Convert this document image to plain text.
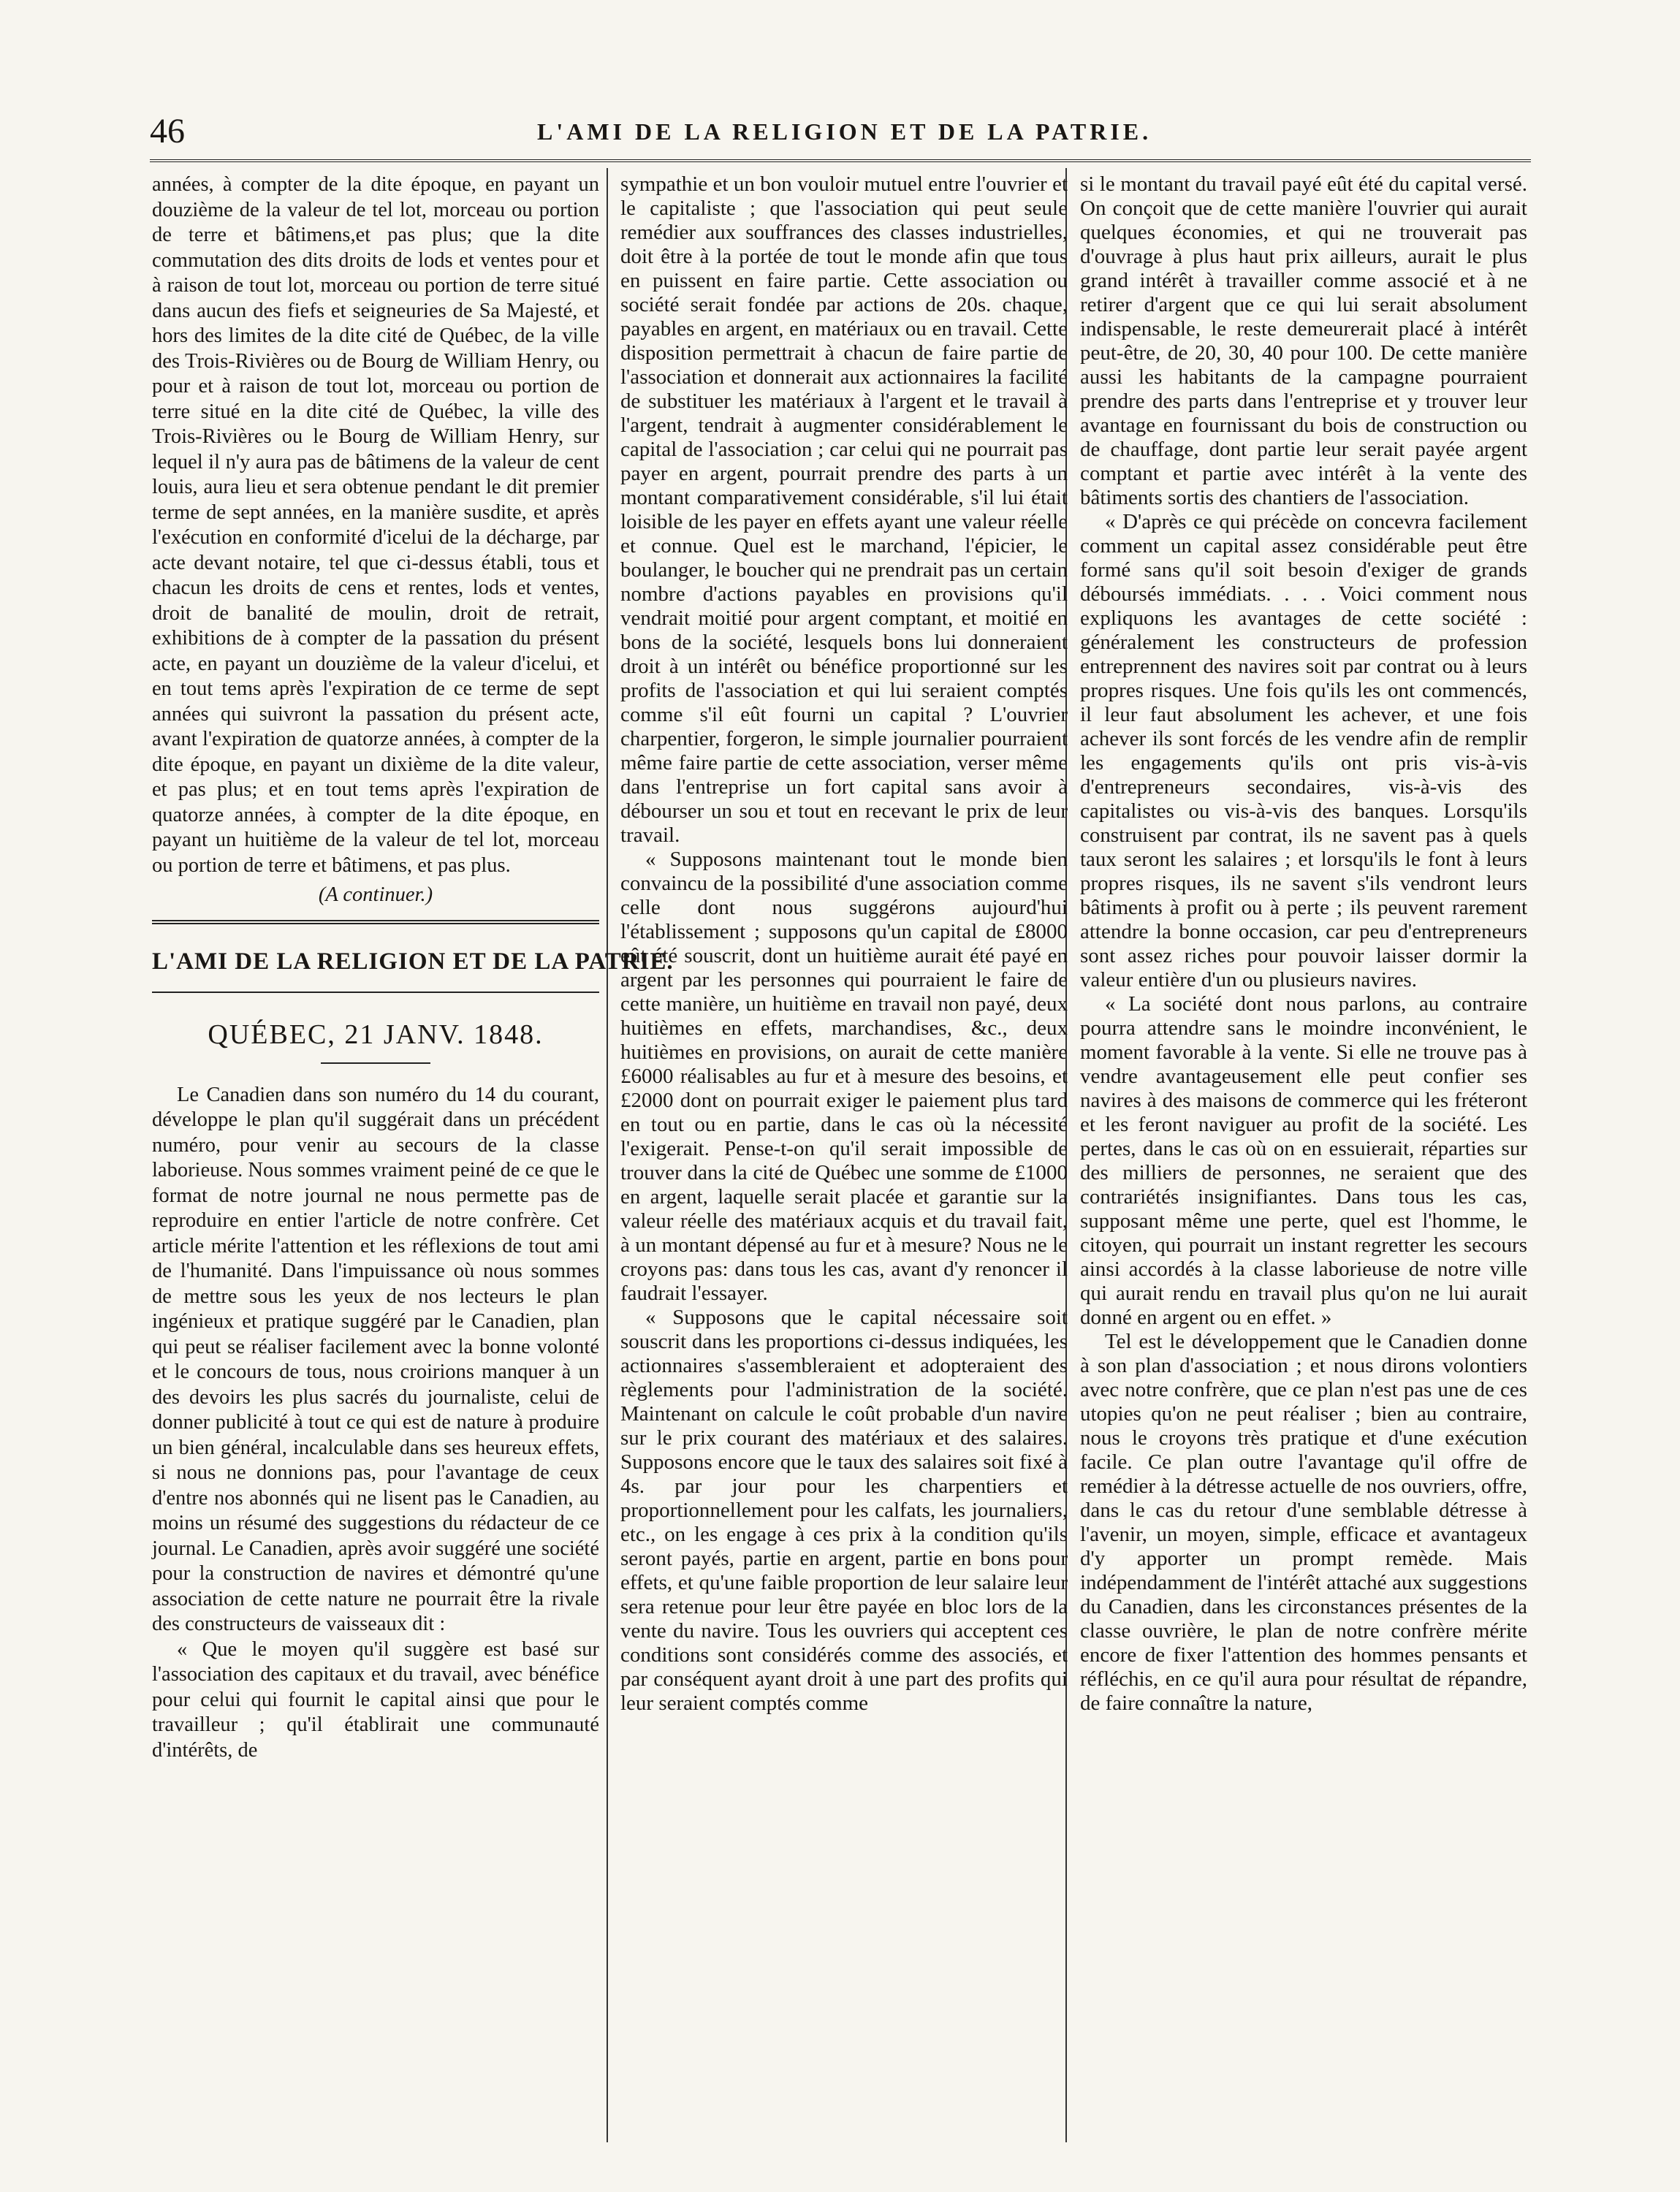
46	L'AMI DE LA RELIGION ET DE LA PATRIE.

années, à compter de la dite époque, en payant un douzième de la valeur de tel lot, morceau ou portion de terre et bâtimens,et pas plus; que la dite commutation des dits droits de lods et ventes pour et à raison de tout lot, morceau ou portion de terre situé dans aucun des fiefs et seigneuries de Sa Majesté, et hors des limites de la dite cité de Québec, de la ville des Trois-Rivières ou de Bourg de William Henry, ou pour et à raison de tout lot, morceau ou portion de terre situé en la dite cité de Québec, la ville des Trois-Rivières ou le Bourg de William Henry, sur lequel il n'y aura pas de bâtimens de la valeur de cent louis, aura lieu et sera obtenue pendant le dit premier terme de sept années, en la manière susdite, et après l'exécution en conformité d'icelui de la décharge, par acte devant notaire, tel que ci-dessus établi, tous et chacun les droits de cens et rentes, lods et ventes, droit de banalité de moulin, droit de retrait, exhibitions de à compter de la passation du présent acte, en payant un douzième de la valeur d'icelui, et en tout tems après l'expiration de ce terme de sept années qui suivront la passation du présent acte, avant l'expiration de quatorze années, à compter de la dite époque, en payant un dixième de la dite valeur, et pas plus; et en tout tems après l'expiration de quatorze années, à compter de la dite époque, en payant un huitième de la valeur de tel lot, morceau ou portion de terre et bâtimens, et pas plus.

(A continuer.)

L'AMI DE LA RELIGION ET DE LA PATRIE.
QUÉBEC, 21 JANV. 1848.

Le Canadien dans son numéro du 14 du courant, développe le plan qu'il suggérait dans un précédent numéro, pour venir au secours de la classe laborieuse. Nous sommes vraiment peiné de ce que le format de notre journal ne nous permette pas de reproduire en entier l'article de notre confrère. Cet article mérite l'attention et les réflexions de tout ami de l'humanité. Dans l'impuissance où nous sommes de mettre sous les yeux de nos lecteurs le plan ingénieux et pratique suggéré par le Canadien, plan qui peut se réaliser facilement avec la bonne volonté et le concours de tous, nous croirions manquer à un des devoirs les plus sacrés du journaliste, celui de donner publicité à tout ce qui est de nature à produire un bien général, incalculable dans ses heureux effets, si nous ne donnions pas, pour l'avantage de ceux d'entre nos abonnés qui ne lisent pas le Canadien, au moins un résumé des suggestions du rédacteur de ce journal. Le Canadien, après avoir suggéré une société pour la construction de navires et démontré qu'une association de cette nature ne pourrait être la rivale des constructeurs de vaisseaux dit :

« Que le moyen qu'il suggère est basé sur l'association des capitaux et du travail, avec bénéfice pour celui qui fournit le capital ainsi que pour le travailleur ; qu'il établirait une communauté d'intérêts, de

sympathie et un bon vouloir mutuel entre l'ouvrier et le capitaliste ; que l'association qui peut seule remédier aux souffrances des classes industrielles, doit être à la portée de tout le monde afin que tous en puissent en faire partie. Cette association ou société serait fondée par actions de 20s. chaque, payables en argent, en matériaux ou en travail. Cette disposition permettrait à chacun de faire partie de l'association et donnerait aux actionnaires la facilité de substituer les matériaux à l'argent et le travail à l'argent, tendrait à augmenter considérablement le capital de l'association ; car celui qui ne pourrait pas payer en argent, pourrait prendre des parts à un montant comparativement considérable, s'il lui était loisible de les payer en effets ayant une valeur réelle et connue. Quel est le marchand, l'épicier, le boulanger, le boucher qui ne prendrait pas un certain nombre d'actions payables en provisions qu'il vendrait moitié pour argent comptant, et moitié en bons de la société, lesquels bons lui donneraient droit à un intérêt ou bénéfice proportionné sur les profits de l'association et qui lui seraient comptés comme s'il eût fourni un capital ? L'ouvrier charpentier, forgeron, le simple journalier pourraient même faire partie de cette association, verser même dans l'entreprise un fort capital sans avoir à débourser un sou et tout en recevant le prix de leur travail.

« Supposons maintenant tout le monde bien convaincu de la possibilité d'une association comme celle dont nous suggérons aujourd'hui l'établissement ; supposons qu'un capital de £8000 eût été souscrit, dont un huitième aurait été payé en argent par les personnes qui pourraient le faire de cette manière, un huitième en travail non payé, deux huitièmes en effets, marchandises, &c., deux huitièmes en provisions, on aurait de cette manière £6000 réalisables au fur et à mesure des besoins, et £2000 dont on pourrait exiger le paiement plus tard en tout ou en partie, dans le cas où la nécessité l'exigerait. Pense-t-on qu'il serait impossible de trouver dans la cité de Québec une somme de £1000 en argent, laquelle serait placée et garantie sur la valeur réelle des matériaux acquis et du travail fait, à un montant dépensé au fur et à mesure? Nous ne le croyons pas: dans tous les cas, avant d'y renoncer il faudrait l'essayer.

« Supposons que le capital nécessaire soit souscrit dans les proportions ci-dessus indiquées, les actionnaires s'assembleraient et adopteraient des règlements pour l'administration de la société. Maintenant on calcule le coût probable d'un navire sur le prix courant des matériaux et des salaires. Supposons encore que le taux des salaires soit fixé à 4s. par jour pour les charpentiers et proportionnellement pour les calfats, les journaliers, etc., on les engage à ces prix à la condition qu'ils seront payés, partie en argent, partie en bons pour effets, et qu'une faible proportion de leur salaire leur sera retenue pour leur être payée en bloc lors de la vente du navire. Tous les ouvriers qui acceptent ces conditions sont considérés comme des associés, et par conséquent ayant droit à une part des profits qui leur seraient comptés comme

si le montant du travail payé eût été du capital versé. On conçoit que de cette manière l'ouvrier qui aurait quelques économies, et qui ne trouverait pas d'ouvrage à plus haut prix ailleurs, aurait le plus grand intérêt à travailler comme associé et à ne retirer d'argent que ce qui lui serait absolument indispensable, le reste demeurerait placé à intérêt peut-être, de 20, 30, 40 pour 100. De cette manière aussi les habitants de la campagne pourraient prendre des parts dans l'entreprise et y trouver leur avantage en fournissant du bois de construction ou de chauffage, dont partie leur serait payée argent comptant et partie avec intérêt à la vente des bâtiments sortis des chantiers de l'association.

« D'après ce qui précède on concevra facilement comment un capital assez considérable peut être formé sans qu'il soit besoin d'exiger de grands déboursés immédiats. . . . Voici comment nous expliquons les avantages de cette société : généralement les constructeurs de profession entreprennent des navires soit par contrat ou à leurs propres risques. Une fois qu'ils les ont commencés, il leur faut absolument les achever, et une fois achever ils sont forcés de les vendre afin de remplir les engagements qu'ils ont pris vis-à-vis d'entrepreneurs secondaires, vis-à-vis des capitalistes ou vis-à-vis des banques. Lorsqu'ils construisent par contrat, ils ne savent pas à quels taux seront les salaires ; et lorsqu'ils le font à leurs propres risques, ils ne savent s'ils vendront leurs bâtiments à profit ou à perte ; ils peuvent rarement attendre la bonne occasion, car peu d'entrepreneurs sont assez riches pour pouvoir laisser dormir la valeur entière d'un ou plusieurs navires.

« La société dont nous parlons, au contraire pourra attendre sans le moindre inconvénient, le moment favorable à la vente. Si elle ne trouve pas à vendre avantageusement elle peut confier ses navires à des maisons de commerce qui les fréteront et les feront naviguer au profit de la société. Les pertes, dans le cas où on en essuierait, réparties sur des milliers de personnes, ne seraient que des contrariétés insignifiantes. Dans tous les cas, supposant même une perte, quel est l'homme, le citoyen, qui pourrait un instant regretter les secours ainsi accordés à la classe laborieuse de notre ville qui aurait rendu en travail plus qu'on ne lui aurait donné en argent ou en effet. »

Tel est le développement que le Canadien donne à son plan d'association ; et nous dirons volontiers avec notre confrère, que ce plan n'est pas une de ces utopies qu'on ne peut réaliser ; bien au contraire, nous le croyons très pratique et d'une exécution facile. Ce plan outre l'avantage qu'il offre de remédier à la détresse actuelle de nos ouvriers, offre, dans le cas du retour d'une semblable détresse à l'avenir, un moyen, simple, efficace et avantageux d'y apporter un prompt remède. Mais indépendamment de l'intérêt attaché aux suggestions du Canadien, dans les circonstances présentes de la classe ouvrière, le plan de notre confrère mérite encore de fixer l'attention des hommes pensants et réfléchis, en ce qu'il aura pour résultat de répandre, de faire connaître la nature,
